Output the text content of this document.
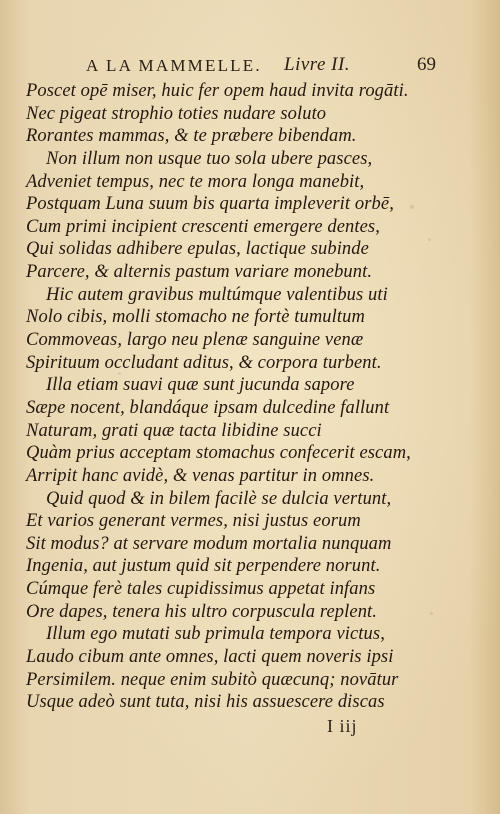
A LA MAMMELLE. Livre II.	69
Poscet opē miser, huic fer opem haud invita rogāti.
Nec pigeat strophio toties nudare soluto
Rorantes mammas, & te præbere bibendam.
Non illum non usque tuo sola ubere pasces,
Adveniet tempus, nec te mora longa manebit,
Postquam Luna suum bis quarta impleverit orbē,
Cum primi incipient crescenti emergere dentes,
Qui solidas adhibere epulas, lactique subinde
Parcere, & alternis pastum variare monebunt.
Hic autem gravibus multúmque valentibus uti
Nolo cibis, molli stomacho ne fortè tumultum
Commoveas, largo neu plenæ sanguine venæ
Spirituum occludant aditus, & corpora turbent.
Illa etiam suavi quæ sunt jucunda sapore
Sæpe nocent, blandáque ipsam dulcedine fallunt
Naturam, grati quæ tacta libidine succi
Quàm prius acceptam stomachus confecerit escam,
Arripit hanc avidè, & venas partitur in omnes.
Quid quod & in bilem facilè se dulcia vertunt,
Et varios generant vermes, nisi justus eorum
Sit modus? at servare modum mortalia nunquam
Ingenia, aut justum quid sit perpendere norunt.
Cúmque ferè tales cupidissimus appetat infans
Ore dapes, tenera his ultro corpuscula replent.
Illum ego mutati sub primula tempora victus,
Laudo cibum ante omnes, lacti quem noveris ipsi
Persimilem. neque enim subitò quæcunq; novātur
Usque adeò sunt tuta, nisi his assuescere discas
I iij
